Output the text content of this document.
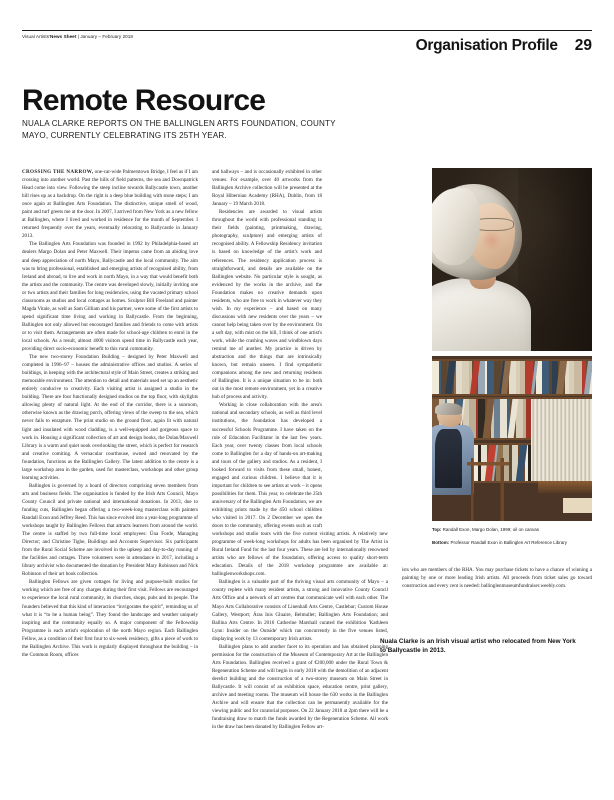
Visual Artists'News Sheet | January – February 2018
Organisation Profile 29
Remote Resource
NUALA CLARKE REPORTS ON THE BALLINGLEN ARTS FOUNDATION, COUNTY MAYO, CURRENTLY CELEBRATING ITS 25TH YEAR.
Top: Randall Exon, Margo Dolan, 1999; oil on canvas
Bottom: Professor Randall Exon in Ballinglen Art Reference Library

CROSSING THE NARROW, one-car-wide Palmerstown Bridge, I feel as if I am crossing into another world. Past the hills of field patterns, the sea and Downpatrick Head come into view. Following the steep incline towards Ballycastle town, another hill rises up as a backdrop. On the right is a deep blue building with stone steps; I am once again at Ballinglen Arts Foundation. The distinctive, unique smell of wood, paint and turf greets me at the door. In 2007, I arrived from New York as a new fellow at Ballinglen, where I lived and worked in residence for the month of September. I returned frequently over the years, eventually relocating to Ballycastle in January 2013.

The Ballinglen Arts Foundation was founded in 1992 by Philadelphia-based art dealers Margo Dolan and Peter Maxwell. Their impetus came from an abiding love and deep appreciation of north Mayo, Ballycastle and the local community. The aim was to bring professional, established and emerging artists of recognised ability, from Ireland and abroad, to live and work in north Mayo, in a way that would benefit both the artists and the community. The centre was developed slowly, initially inviting one or two artists and their families for long residencies, using the vacated primary school classrooms as studios and local cottages as homes. Sculptor Bill Freeland and painter Magda Vitale, as well as Sam Gilliam and his partner, were some of the first artists to spend significant time living and working in Ballycastle. From the beginning, Ballinglen not only allowed but encouraged families and friends to come with artists or to visit them. Arrangements are often made for school-age children to enrol in the local schools. As a result, almost 4000 visitors spend time in Ballycastle each year, providing direct socio-economic benefit to this rural community.

The new two-storey Foundation Building – designed by Peter Maxwell and completed in 1996–97 – houses the administrative offices and studios. A series of buildings, in keeping with the architectural style of Main Street, creates a striking and memorable environment. The attention to detail and materials used set up an aesthetic entirely conducive to creativity. Each visiting artist is assigned a studio in the building. There are four functionally designed studios on the top floor, with skylights allowing plenty of natural light. At the end of the corridor, there is a sunroom, otherwise known as the drawing porch, offering views of the sweep to the sea, which never fails to enrapture. The print studio on the ground floor, again lit with natural light and insulated with wood cladding, is a well-equipped and gorgeous space to work in. Housing a significant collection of art and design books, the Dolan/Maxwell Library is a warm and quiet nook overlooking the street, which is perfect for research and creative comiting. A vernacular courthouse, owned and renovated by the foundation, functions as the Ballinglen Gallery. The latest addition to the centre is a large workshop area in the garden, used for masterclass, workshops and other group learning activities.

Ballinglen is governed by a board of directors comprising seven members from arts and business fields. The organisation is funded by the Irish Arts Council, Mayo County Council and private national and international donations. In 2013, due to funding cuts, Ballinglen began offering a two-week-long masterclass with painters Randall Exon and Jeffrey Reed. This has since evolved into a year-long programme of workshops taught by Ballinglen Fellows that attracts learners from around the world. The centre is staffed by two full-time local employees: Úna Forde, Managing Director; and Christine Tighe, Buildings and Accounts Supervisor. Six participants from the Rural Social Scheme are involved in the upkeep and day-to-day running of the facilities and cottages. Three volunteers were in attendance in 2017, including a library archivist who documented the donation by President Mary Robinson and Nick Robinson of their art book collection.

Ballinglen Fellows are given cottages for living and purpose-built studios for working which are free of any charges during their first visit. Fellows are encouraged to experience the local rural community, its churches, shops, pubs and its people. The founders believed that this kind of interaction “invigorates the spirit”, reminding us of what it is “to be a human being”. They found the landscape and weather uniquely inspiring and the community equally so. A major component of the Fellowship Programme is each artist's exploration of the north Mayo region. Each Ballinglen Fellow, as a condition of their first four to six-week residency, gifts a piece of work to the Ballinglen Archive. This work is regularly displayed throughout the building – in the Common Room, offices

and hallways – and is occasionally exhibited in other venues. For example, over 40 artworks from the Ballinglen Archive collection will be presented at the Royal Hibernian Academy (RHA), Dublin, from 18 January – 19 March 2018.

Residencies are awarded to visual artists throughout the world with professional standing in their fields (painting, printmaking, drawing, photography, sculpture) and emerging artists of recognised ability. A Fellowship Residency invitation is based on knowledge of the artist's work and references. The residency application process is straightforward, and details are available on the Ballinglen website. No particular style is sought, as evidenced by the works in the archive, and the Foundation makes no creative demands upon residents, who are free to work in whatever way they wish. In my experience – and based on many discussions with new residents over the years – we cannot help being taken over by the environment. On a soft day, with mist on the hill, I think of one artist's work, while the crashing waves and windblown days remind me of another. My practice is driven by abstraction and the things that are intrinsically known, but remain unseen. I find sympathetic companions among the new and returning residents of Ballinglen. It is a unique situation to be in: both out in the most remote environment, yet in a creative hub of process and activity.

Working in close collaboration with the area's national and secondary schools, as well as third level institutions, the foundation has developed a successful Schools Programme. I have taken on the role of Education Facilitator in the last few years. Each year, over twenty classes from local schools come to Ballinglen for a day of hands-on art-making and tours of the gallery and studios. As a resident, I looked forward to visits from these small, honest, engaged and curious children. I believe that it is important for children to see artists at work – it opens possibilities for them. This year, to celebrate the 25th anniversary of the Ballinglen Arts Foundation, we are exhibiting prints made by the 450 school children who visited in 2017. On 2 December we open the doors to the community, offering events such as craft workshops and studio tours with the five current visiting artists. A relatively new programme of week-long workshops for adults has been organised by The Artist in Rural Ireland Fund for the last four years. These are led by internationally renowned artists who are fellows of the foundation, offering access to quality short-term education. Details of the 2018 workshop programme are available at: ballinglenworkshops.com.

Ballinglen is a valuable part of the thriving visual arts community of Mayo – a county replete with many resident artists, a strong and innovative County Council Arts Office and a network of art centres that communicate well with each other. The Mayo Arts Collaborative consists of Linenhall Arts Centre, Castlebar; Custom House Gallery, Westport; Áras Inis Gluaire, Belmullet; Ballinglen Arts Foundation; and Ballina Arts Centre. In 2016 Catherine Marshall curated the exhibition 'Kathleen Lynn: Insider on the Outside' which ran concurrently in the five venues listed, displaying work by 13 contemporary Irish artists.

Ballinglen plans to add another facet to its operation and has obtained planning permission for the construction of the Museum of Contemporary Art at the Ballinglen Arts Foundation. Ballinglen received a grant of €200,000 under the Rural Town & Regeneration Scheme and will begin in early 2018 with the demolition of an adjacent derelict building and the construction of a two-storey museum on Main Street in Ballycastle. It will consist of an exhibition space, education centre, print gallery, archive and meeting rooms. The museum will house the 630 works in the Ballinglen Archive and will ensure that the collection can be permanently available for the viewing public and for curatorial purposes. On 22 January 2018 at 2pm there will be a fundraising draw to match the funds awarded by the Regeneration Scheme. All work in the draw has been donated by Ballinglen Fellow art-

ists who are members of the RHA. You may purchase tickets to have a chance of winning a painting by one or more leading Irish artists. All proceeds from ticket sales go toward construction and every cent is needed: ballinglenmuseumfundraiser.weebly.com.

Nuala Clarke is an Irish visual artist who relocated from New York to Ballycastle in 2013.
